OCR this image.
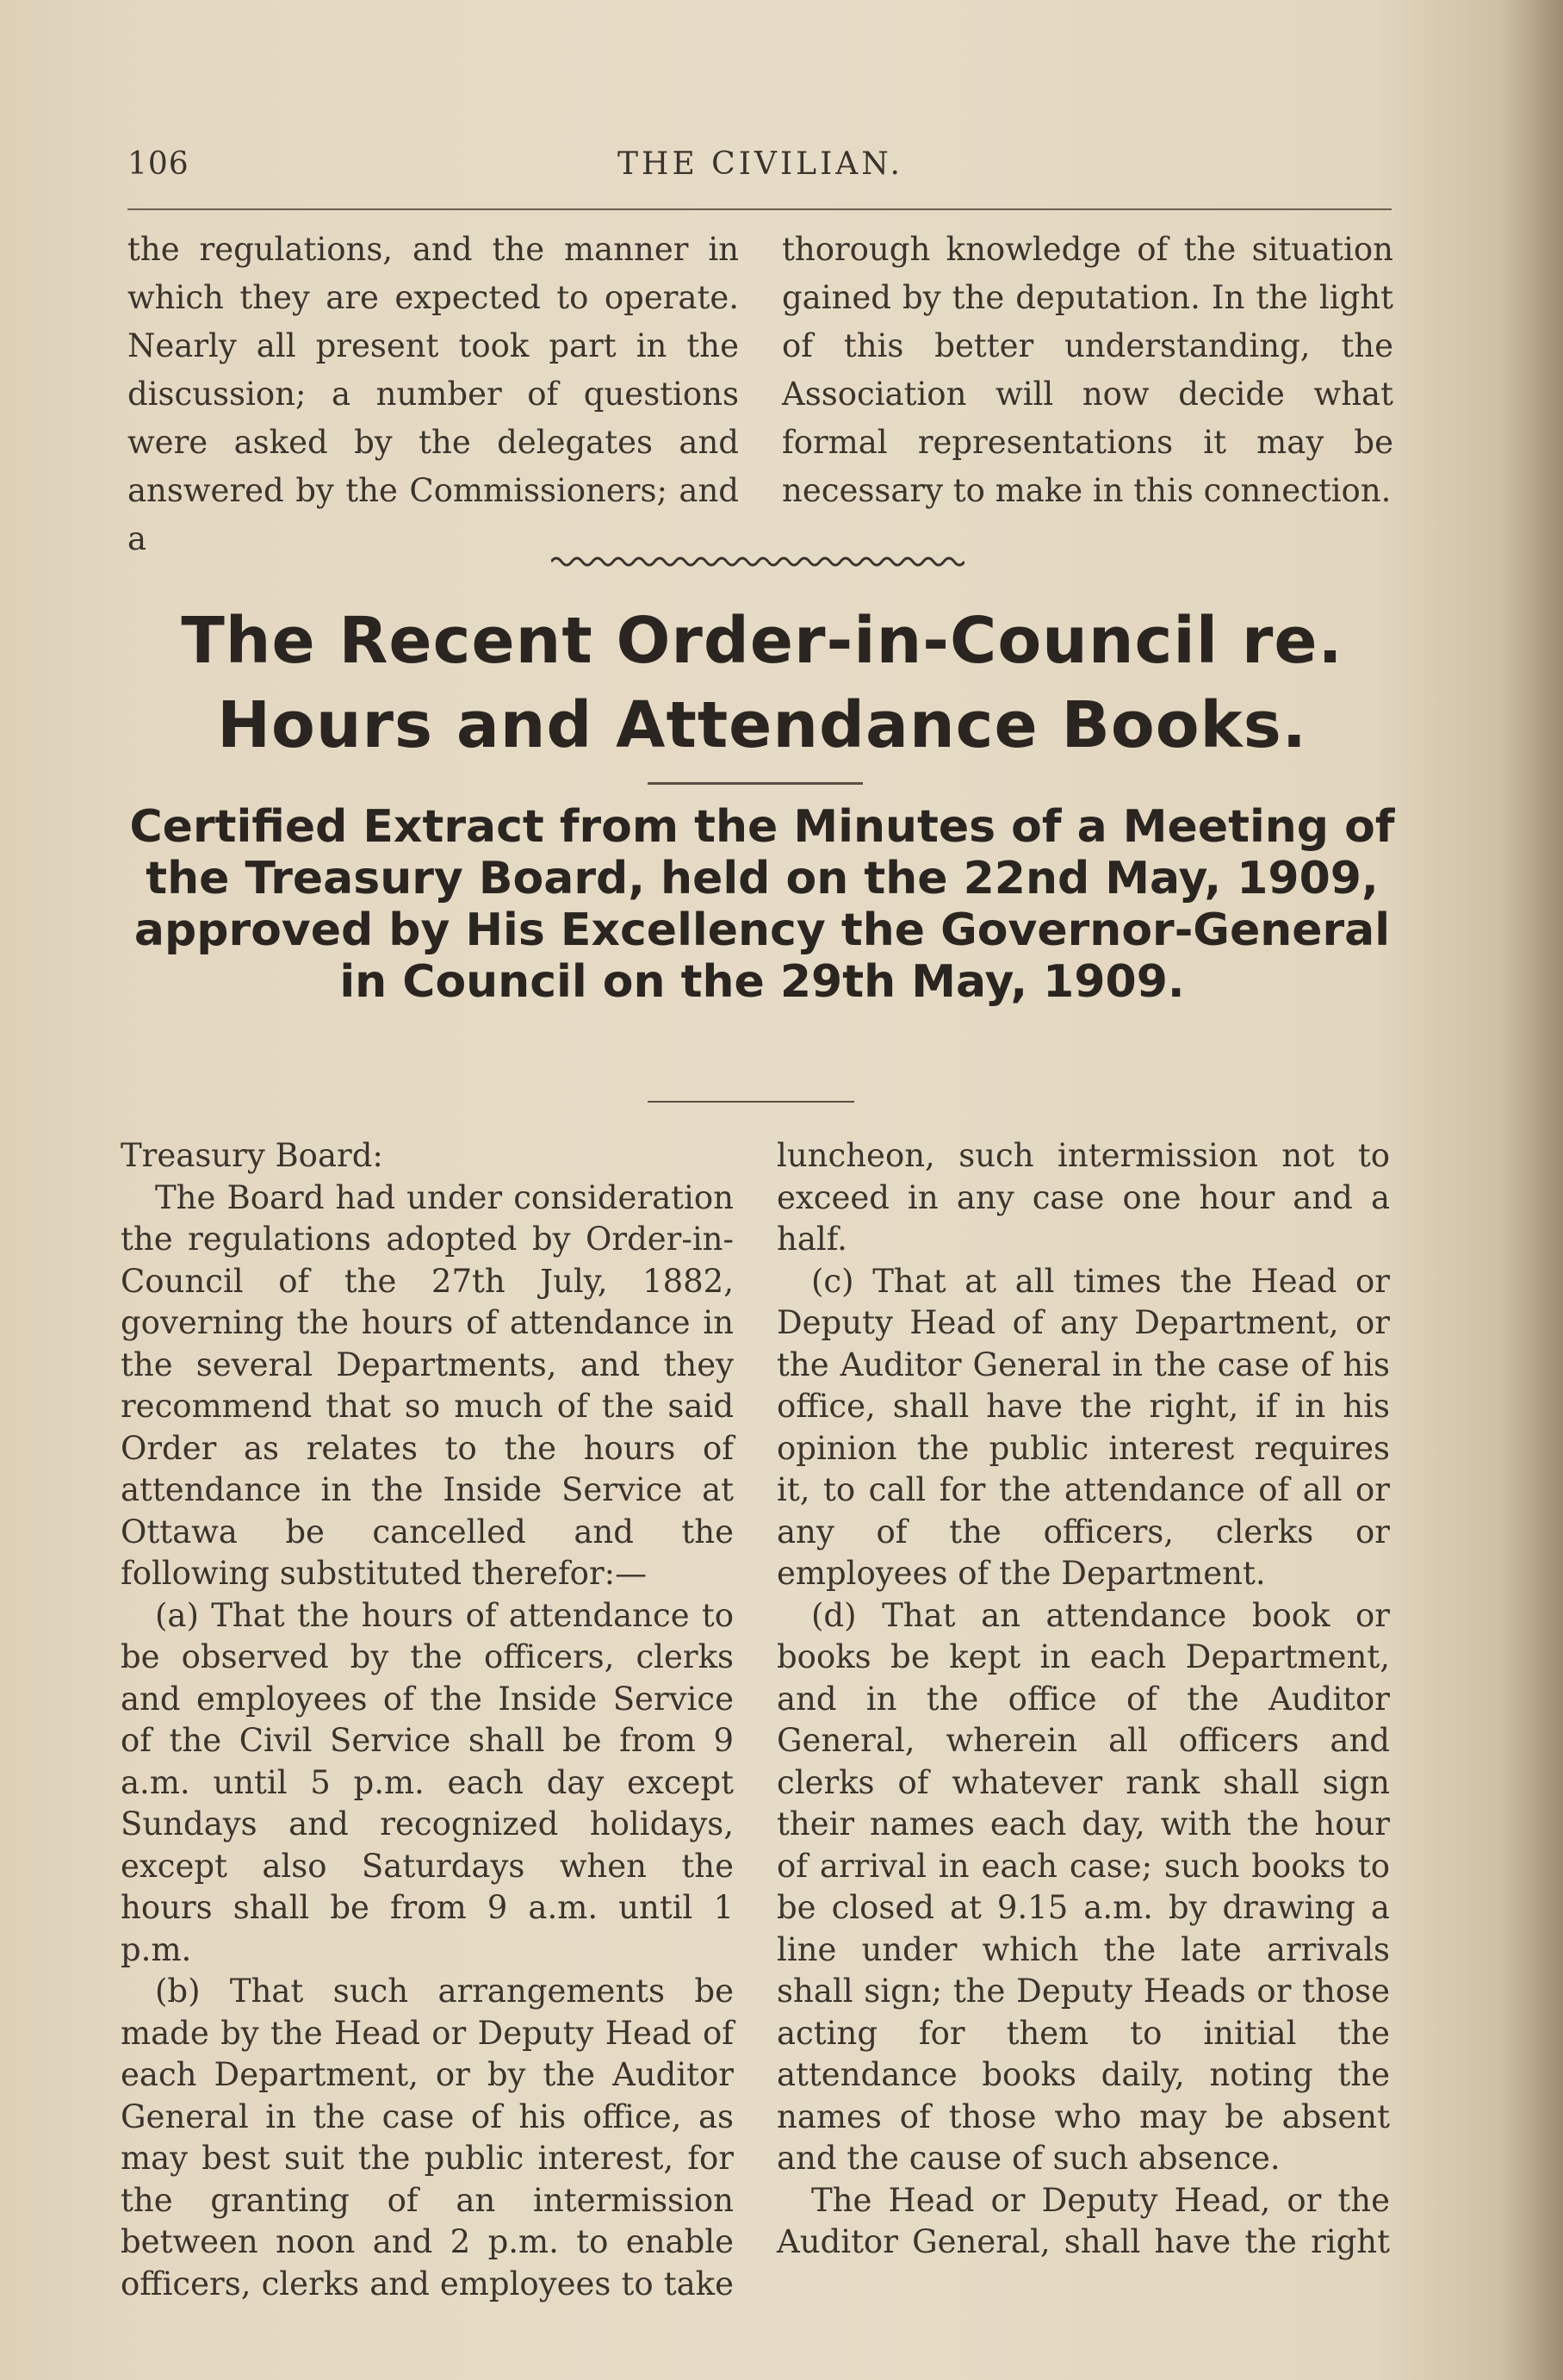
106	THE CIVILIAN.

the regulations, and the manner in which they are expected to operate. Nearly all present took part in the discussion; a number of questions were asked by the delegates and answered by the Commissioners; and a

thorough knowledge of the situation gained by the deputation. In the light of this better understanding, the Association will now decide what formal representations it may be necessary to make in this connection.

The Recent Order-in-Council re. Hours and Attendance Books.
Certified Extract from the Minutes of a Meeting of the Treasury Board, held on the 22nd May, 1909, approved by His Excellency the Governor-General in Council on the 29th May, 1909.

Treasury Board:

The Board had under consideration the regulations adopted by Order-in-Council of the 27th July, 1882, governing the hours of attendance in the several Departments, and they recommend that so much of the said Order as relates to the hours of attendance in the Inside Service at Ottawa be cancelled and the following substituted therefor:—

(a) That the hours of attendance to be observed by the officers, clerks and employees of the Inside Service of the Civil Service shall be from 9 a.m. until 5 p.m. each day except Sundays and recognized holidays, except also Saturdays when the hours shall be from 9 a.m. until 1 p.m.

(b) That such arrangements be made by the Head or Deputy Head of each Department, or by the Auditor General in the case of his office, as may best suit the public interest, for the granting of an intermission between noon and 2 p.m. to enable officers, clerks and employees to take

luncheon, such intermission not to exceed in any case one hour and a half.

(c) That at all times the Head or Deputy Head of any Department, or the Auditor General in the case of his office, shall have the right, if in his opinion the public interest requires it, to call for the attendance of all or any of the officers, clerks or employees of the Department.

(d) That an attendance book or books be kept in each Department, and in the office of the Auditor General, wherein all officers and clerks of whatever rank shall sign their names each day, with the hour of arrival in each case; such books to be closed at 9.15 a.m. by drawing a line under which the late arrivals shall sign; the Deputy Heads or those acting for them to initial the attendance books daily, noting the names of those who may be absent and the cause of such absence.

The Head or Deputy Head, or the Auditor General, shall have the right
